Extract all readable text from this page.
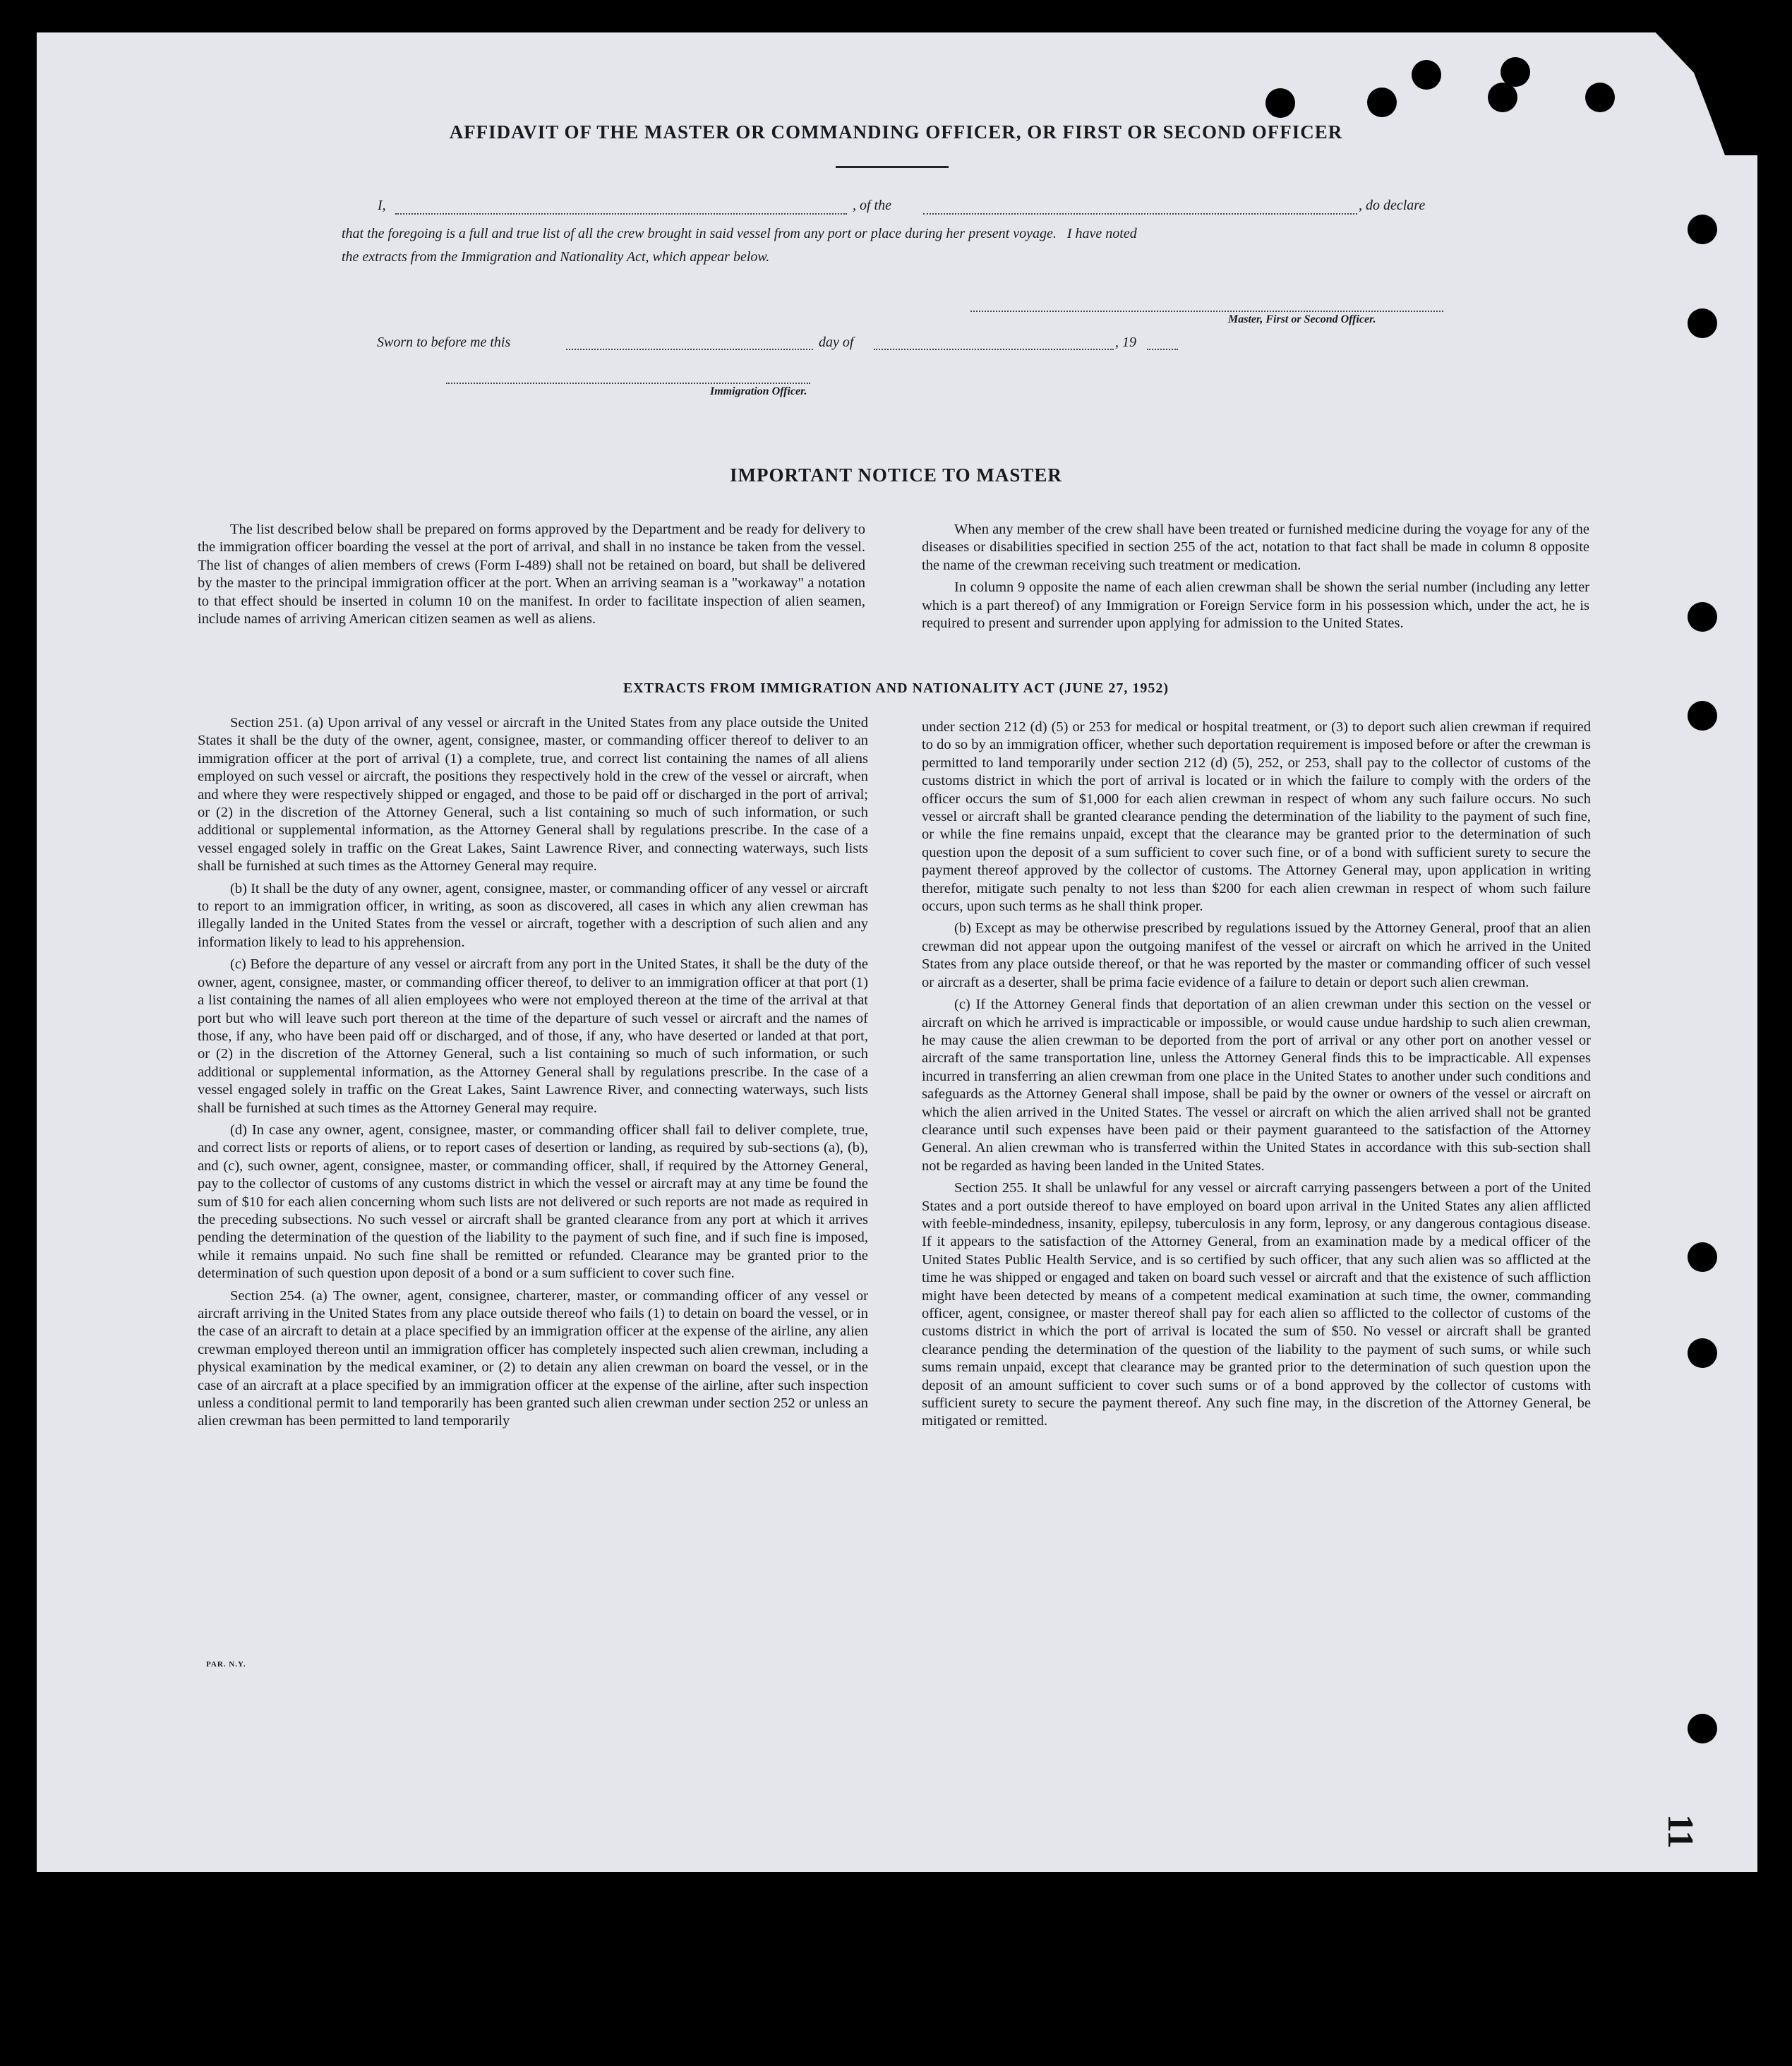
AFFIDAVIT OF THE MASTER OR COMMANDING OFFICER, OR FIRST OR SECOND OFFICER
I,	, of the	, do declare
that the foregoing is a full and true list of all the crew brought in said vessel from any port or place during her present voyage.   I have noted
the extracts from the Immigration and Nationality Act, which appear below.
Master, First or Second Officer.
Sworn to before me this	day of	, 19
Immigration Officer.
IMPORTANT NOTICE TO MASTER

The list described below shall be prepared on forms approved by the Department and be ready for delivery to the immigration officer boarding the vessel at the port of arrival, and shall in no instance be taken from the vessel. The list of changes of alien members of crews (Form I-489) shall not be retained on board, but shall be delivered by the master to the principal immigration officer at the port. When an arriving seaman is a "workaway" a notation to that effect should be inserted in column 10 on the manifest. In order to facilitate inspection of alien seamen, include names of arriving American citizen seamen as well as aliens.

When any member of the crew shall have been treated or furnished medicine during the voyage for any of the diseases or disabilities specified in section 255 of the act, notation to that fact shall be made in column 8 opposite the name of the crewman receiving such treatment or medication.

In column 9 opposite the name of each alien crewman shall be shown the serial number (including any letter which is a part thereof) of any Immigration or Foreign Service form in his possession which, under the act, he is required to present and surrender upon applying for admission to the United States.

EXTRACTS FROM IMMIGRATION AND NATIONALITY ACT (JUNE 27, 1952)

Section 251. (a) Upon arrival of any vessel or aircraft in the United States from any place outside the United States it shall be the duty of the owner, agent, consignee, master, or commanding officer thereof to deliver to an immigration officer at the port of arrival (1) a complete, true, and correct list containing the names of all aliens employed on such vessel or aircraft, the positions they respectively hold in the crew of the vessel or aircraft, when and where they were respectively shipped or engaged, and those to be paid off or discharged in the port of arrival; or (2) in the discretion of the Attorney General, such a list containing so much of such information, or such additional or supplemental information, as the Attorney General shall by regulations prescribe. In the case of a vessel engaged solely in traffic on the Great Lakes, Saint Lawrence River, and connecting waterways, such lists shall be furnished at such times as the Attorney General may require.

(b) It shall be the duty of any owner, agent, consignee, master, or commanding officer of any vessel or aircraft to report to an immigration officer, in writing, as soon as discovered, all cases in which any alien crewman has illegally landed in the United States from the vessel or aircraft, together with a description of such alien and any information likely to lead to his apprehension.

(c) Before the departure of any vessel or aircraft from any port in the United States, it shall be the duty of the owner, agent, consignee, master, or commanding officer thereof, to deliver to an immigration officer at that port (1) a list containing the names of all alien employees who were not employed thereon at the time of the arrival at that port but who will leave such port thereon at the time of the departure of such vessel or aircraft and the names of those, if any, who have been paid off or discharged, and of those, if any, who have deserted or landed at that port, or (2) in the discretion of the Attorney General, such a list containing so much of such information, or such additional or supplemental information, as the Attorney General shall by regulations prescribe. In the case of a vessel engaged solely in traffic on the Great Lakes, Saint Lawrence River, and connecting waterways, such lists shall be furnished at such times as the Attorney General may require.

(d) In case any owner, agent, consignee, master, or commanding officer shall fail to deliver complete, true, and correct lists or reports of aliens, or to report cases of desertion or landing, as required by sub-sections (a), (b), and (c), such owner, agent, consignee, master, or commanding officer, shall, if required by the Attorney General, pay to the collector of customs of any customs district in which the vessel or aircraft may at any time be found the sum of $10 for each alien concerning whom such lists are not delivered or such reports are not made as required in the preceding subsections. No such vessel or aircraft shall be granted clearance from any port at which it arrives pending the determination of the question of the liability to the payment of such fine, and if such fine is imposed, while it remains unpaid. No such fine shall be remitted or refunded. Clearance may be granted prior to the determination of such question upon deposit of a bond or a sum sufficient to cover such fine.

Section 254. (a) The owner, agent, consignee, charterer, master, or commanding officer of any vessel or aircraft arriving in the United States from any place outside thereof who fails (1) to detain on board the vessel, or in the case of an aircraft to detain at a place specified by an immigration officer at the expense of the airline, any alien crewman employed thereon until an immigration officer has completely inspected such alien crewman, including a physical examination by the medical examiner, or (2) to detain any alien crewman on board the vessel, or in the case of an aircraft at a place specified by an immigration officer at the expense of the airline, after such inspection unless a conditional permit to land temporarily has been granted such alien crewman under section 252 or unless an alien crewman has been permitted to land temporarily

under section 212 (d) (5) or 253 for medical or hospital treatment, or (3) to deport such alien crewman if required to do so by an immigration officer, whether such deportation requirement is imposed before or after the crewman is permitted to land temporarily under section 212 (d) (5), 252, or 253, shall pay to the collector of customs of the customs district in which the port of arrival is located or in which the failure to comply with the orders of the officer occurs the sum of $1,000 for each alien crewman in respect of whom any such failure occurs. No such vessel or aircraft shall be granted clearance pending the determination of the liability to the payment of such fine, or while the fine remains unpaid, except that the clearance may be granted prior to the determination of such question upon the deposit of a sum sufficient to cover such fine, or of a bond with sufficient surety to secure the payment thereof approved by the collector of customs. The Attorney General may, upon application in writing therefor, mitigate such penalty to not less than $200 for each alien crewman in respect of whom such failure occurs, upon such terms as he shall think proper.

(b) Except as may be otherwise prescribed by regulations issued by the Attorney General, proof that an alien crewman did not appear upon the outgoing manifest of the vessel or aircraft on which he arrived in the United States from any place outside thereof, or that he was reported by the master or commanding officer of such vessel or aircraft as a deserter, shall be prima facie evidence of a failure to detain or deport such alien crewman.

(c) If the Attorney General finds that deportation of an alien crewman under this section on the vessel or aircraft on which he arrived is impracticable or impossible, or would cause undue hardship to such alien crewman, he may cause the alien crewman to be deported from the port of arrival or any other port on another vessel or aircraft of the same transportation line, unless the Attorney General finds this to be impracticable. All expenses incurred in transferring an alien crewman from one place in the United States to another under such conditions and safeguards as the Attorney General shall impose, shall be paid by the owner or owners of the vessel or aircraft on which the alien arrived in the United States. The vessel or aircraft on which the alien arrived shall not be granted clearance until such expenses have been paid or their payment guaranteed to the satisfaction of the Attorney General. An alien crewman who is transferred within the United States in accordance with this sub-section shall not be regarded as having been landed in the United States.

Section 255. It shall be unlawful for any vessel or aircraft carrying passengers between a port of the United States and a port outside thereof to have employed on board upon arrival in the United States any alien afflicted with feeble-mindedness, insanity, epilepsy, tuberculosis in any form, leprosy, or any dangerous contagious disease. If it appears to the satisfaction of the Attorney General, from an examination made by a medical officer of the United States Public Health Service, and is so certified by such officer, that any such alien was so afflicted at the time he was shipped or engaged and taken on board such vessel or aircraft and that the existence of such affliction might have been detected by means of a competent medical examination at such time, the owner, commanding officer, agent, consignee, or master thereof shall pay for each alien so afflicted to the collector of customs of the customs district in which the port of arrival is located the sum of $50. No vessel or aircraft shall be granted clearance pending the determination of the question of the liability to the payment of such sums, or while such sums remain unpaid, except that clearance may be granted prior to the determination of such question upon the deposit of an amount sufficient to cover such sums or of a bond approved by the collector of customs with sufficient surety to secure the payment thereof. Any such fine may, in the discretion of the Attorney General, be mitigated or remitted.

PAR. N.Y.
11
